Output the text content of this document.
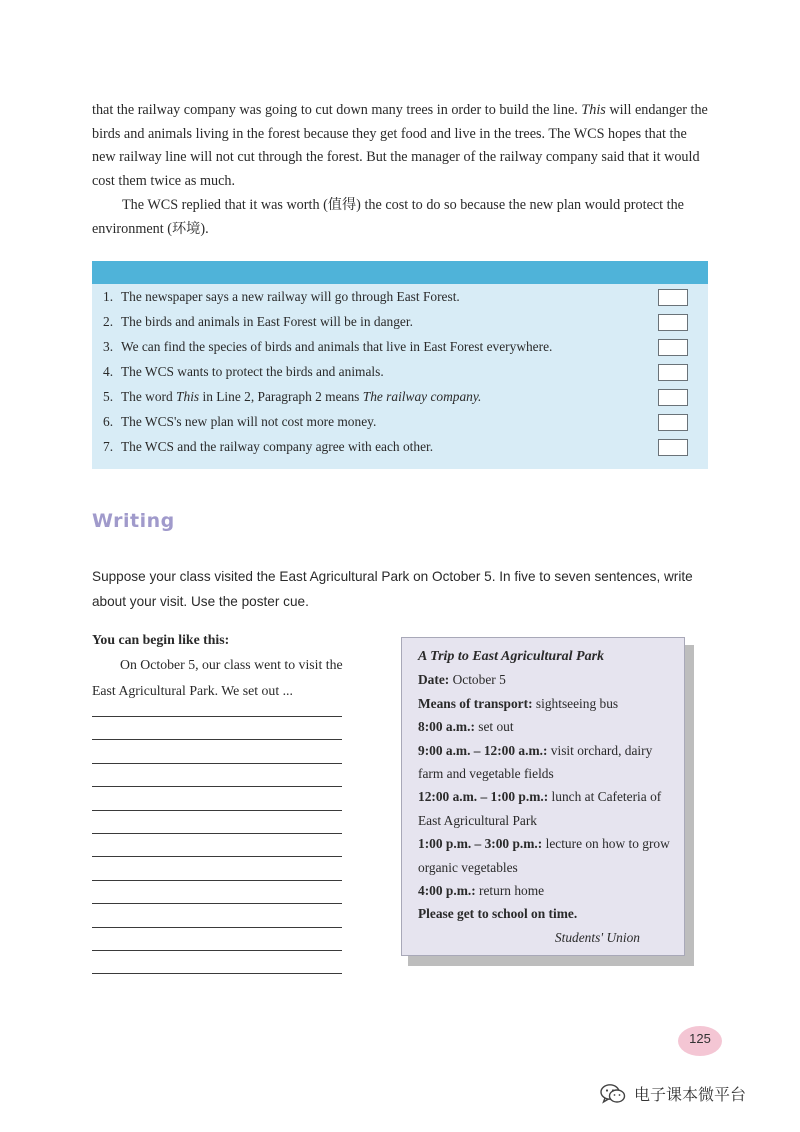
that the railway company was going to cut down many trees in order to build the line. This will endanger the birds and animals living in the forest because they get food and live in the trees. The WCS hopes that the new railway line will not cut through the forest. But the manager of the railway company said that it would cost them twice as much.

The WCS replied that it was worth (值得) the cost to do so because the new plan would protect the environment (环境).

1. The newspaper says a new railway will go through East Forest.
2. The birds and animals in East Forest will be in danger.
3. We can find the species of birds and animals that live in East Forest everywhere.
4. The WCS wants to protect the birds and animals.
5. The word This in Line 2, Paragraph 2 means The railway company.
6. The WCS's new plan will not cost more money.
7. The WCS and the railway company agree with each other.
Writing

Suppose your class visited the East Agricultural Park on October 5. In five to seven sentences, write about your visit. Use the poster cue.

You can begin like this:

On October 5, our class went to visit the East Agricultural Park. We set out ...

A Trip to East Agricultural Park

Date: October 5

Means of transport: sightseeing bus

8:00 a.m.: set out

9:00 a.m. – 12:00 a.m.: visit orchard, dairy farm and vegetable fields

12:00 a.m. – 1:00 p.m.: lunch at Cafeteria of East Agricultural Park

1:00 p.m. – 3:00 p.m.: lecture on how to grow organic vegetables

4:00 p.m.: return home

Please get to school on time.

Students' Union

125
电子课本微平台
